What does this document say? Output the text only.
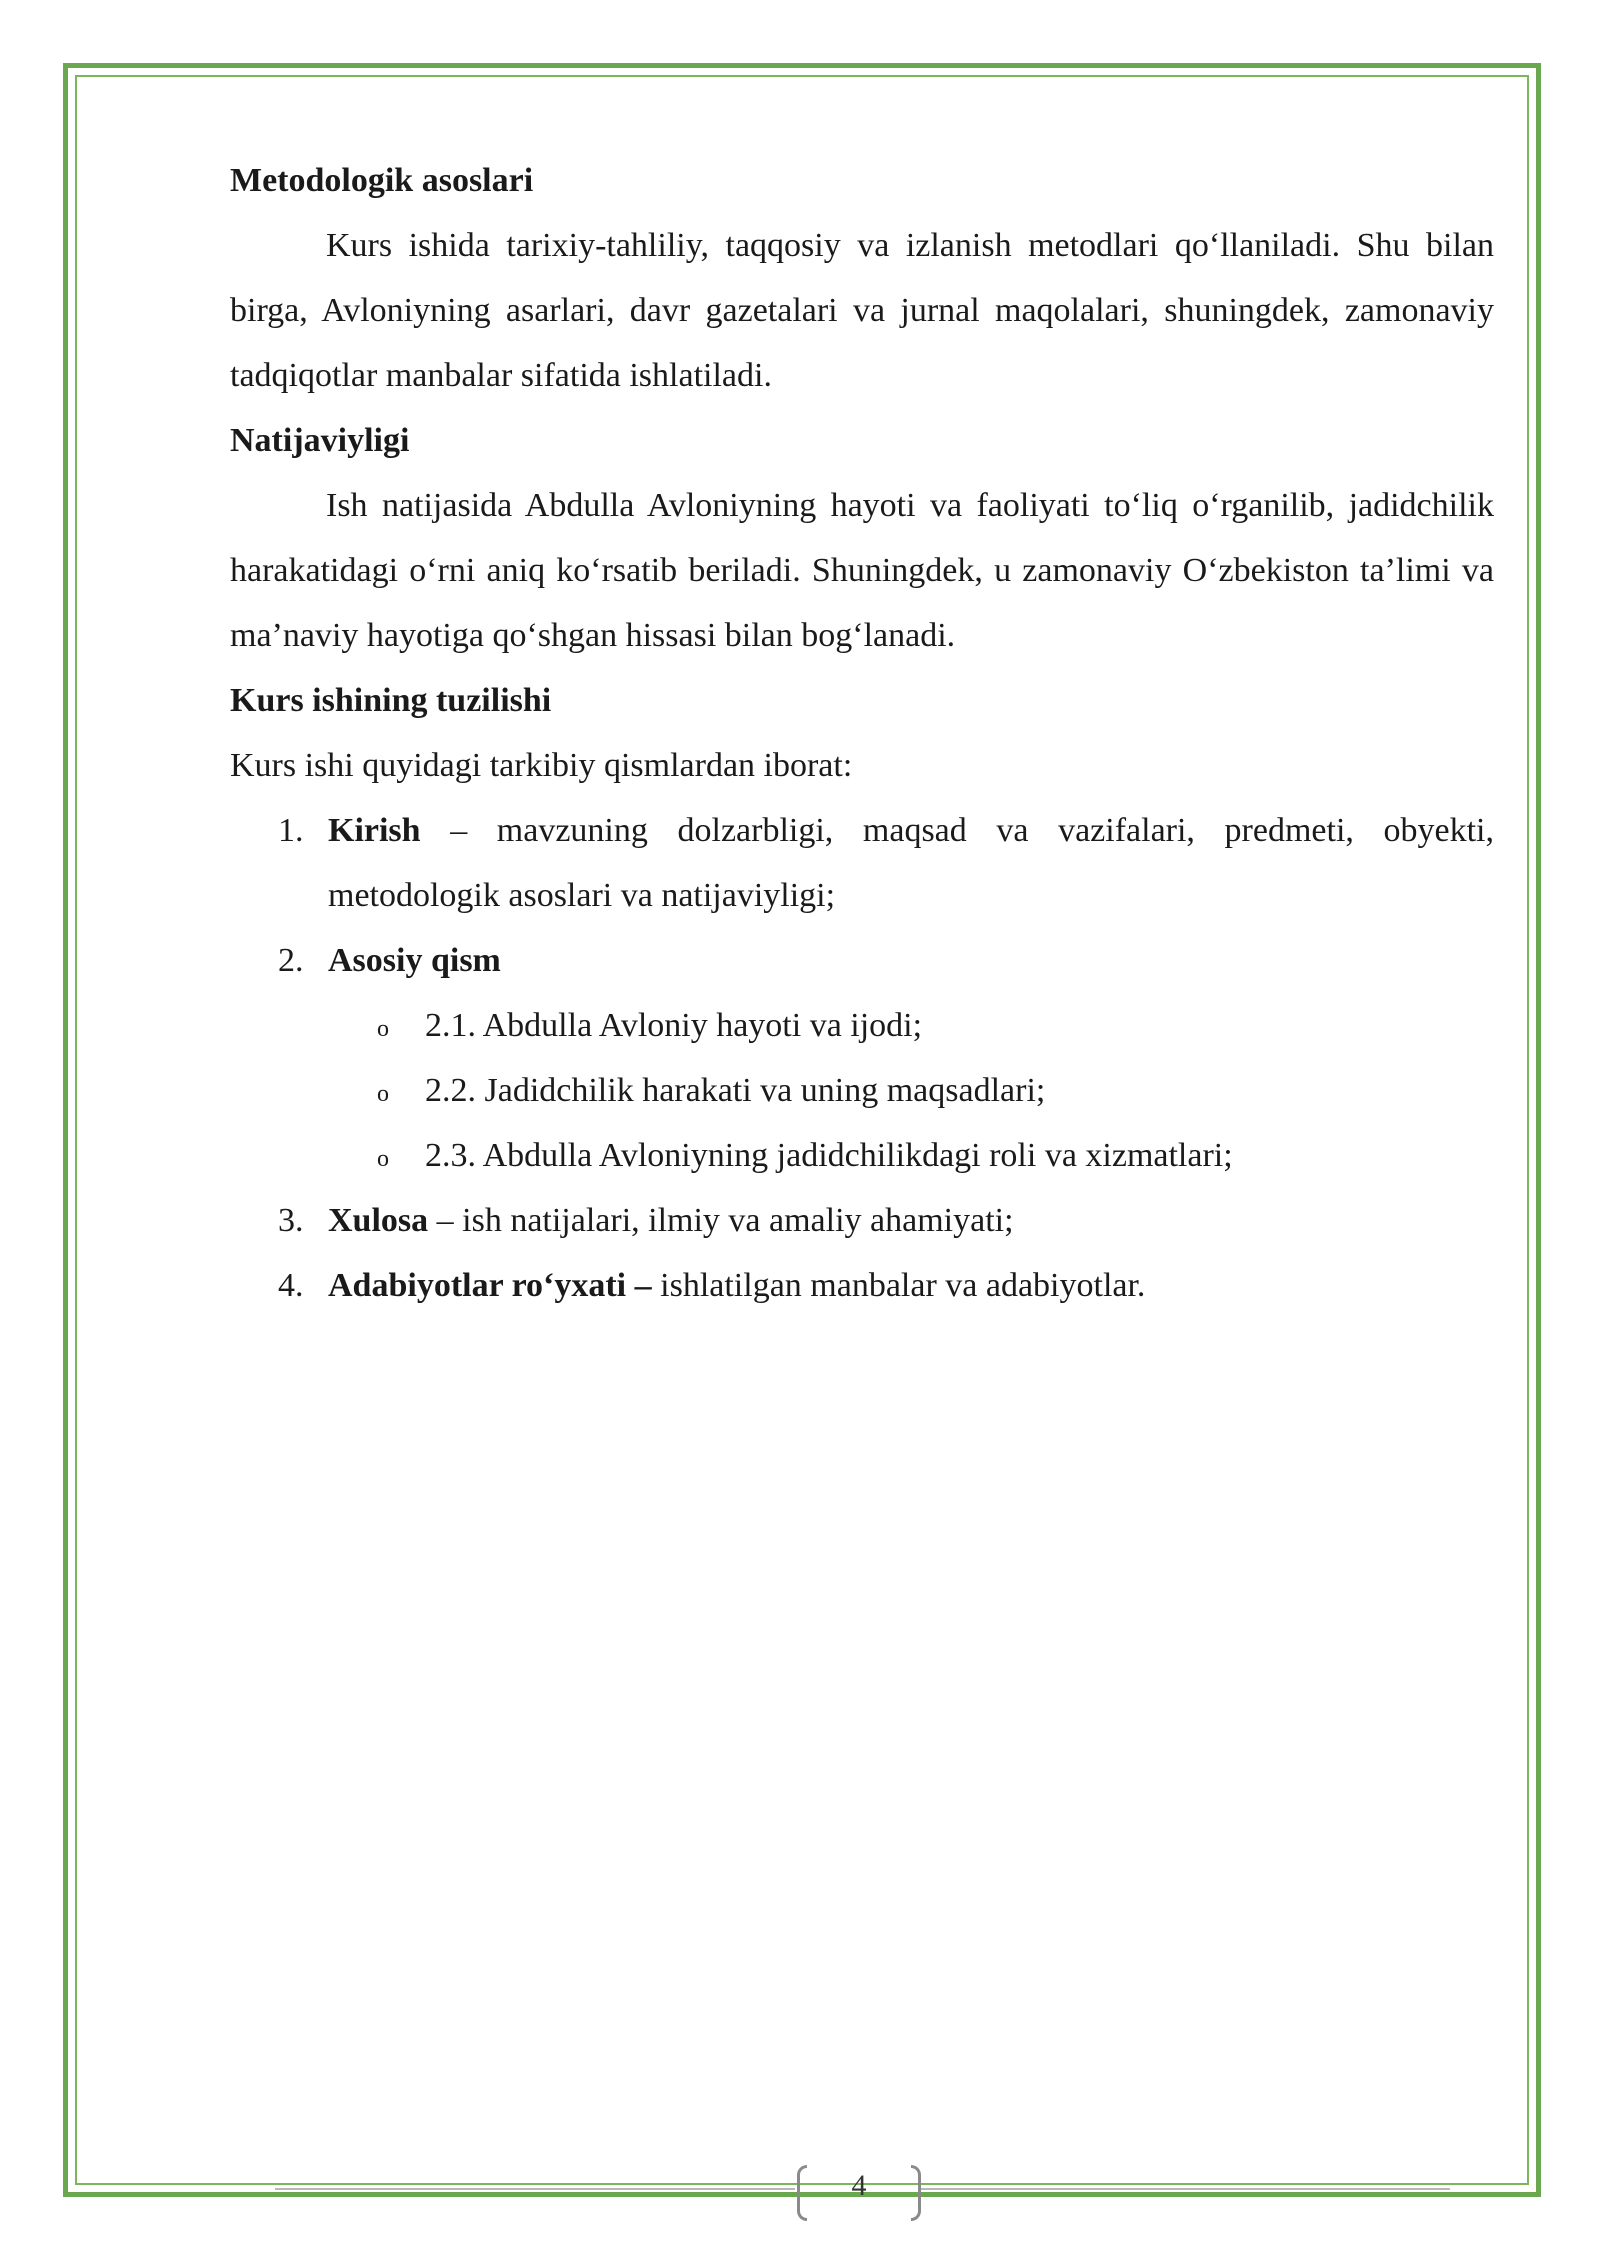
Metodologik asoslari

Kurs ishida tarixiy-tahliliy, taqqosiy va izlanish metodlari qo‘llaniladi. Shu bilan birga, Avloniyning asarlari, davr gazetalari va jurnal maqolalari, shuningdek, zamonaviy tadqiqotlar manbalar sifatida ishlatiladi.

Natijaviyligi

Ish natijasida Abdulla Avloniyning hayoti va faoliyati to‘liq o‘rganilib, jadidchilik harakatidagi o‘rni aniq ko‘rsatib beriladi. Shuningdek, u zamonaviy O‘zbekiston ta’limi va ma’naviy hayotiga qo‘shgan hissasi bilan bog‘lanadi.

Kurs ishining tuzilishi

Kurs ishi quyidagi tarkibiy qismlardan iborat:

1. Kirish – mavzuning dolzarbligi, maqsad va vazifalari, predmeti, obyekti, metodologik asoslari va natijaviyligi;
2. Asosiy qism
o 2.1. Abdulla Avloniy hayoti va ijodi;
o 2.2. Jadidchilik harakati va uning maqsadlari;
o 2.3. Abdulla Avloniyning jadidchilikdagi roli va xizmatlari;
3. Xulosa – ish natijalari, ilmiy va amaliy ahamiyati;
4. Adabiyotlar ro‘yxati – ishlatilgan manbalar va adabiyotlar.
4
